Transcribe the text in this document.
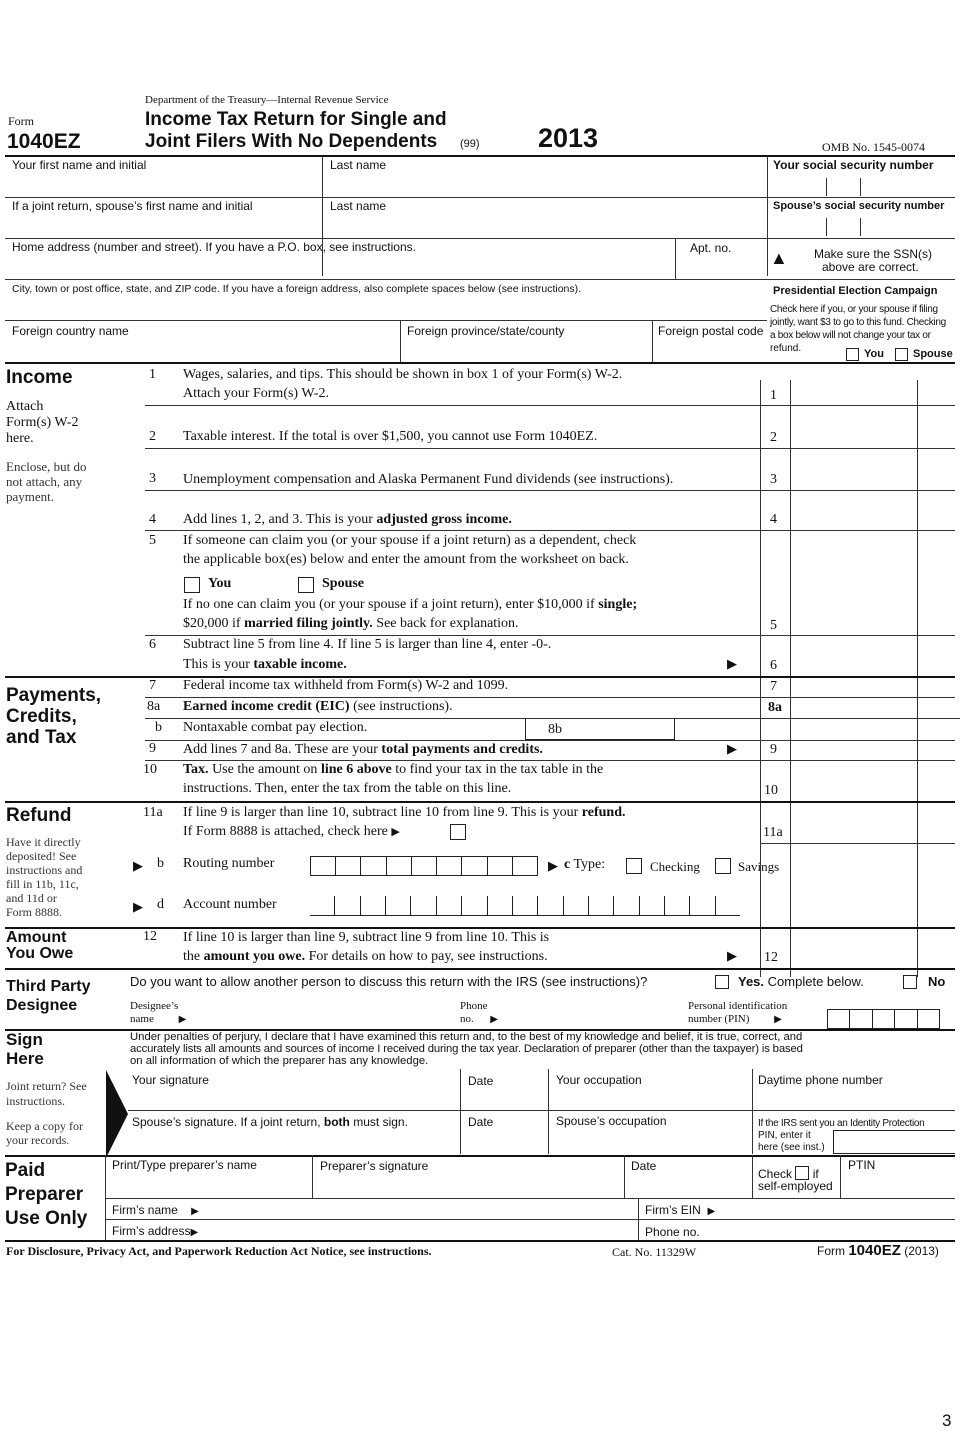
Department of the Treasury—Internal Revenue Service
Form
1040EZ
Income Tax Return for Single and
Joint Filers With No Dependents (99) 2013	OMB No. 1545-0074
Your first name and initial	Last name	Your social security number
If a joint return, spouse’s first name and initial	Last name	Spouse’s social security number
Home address (number and street). If you have a P.O. box, see instructions.	Apt. no. ▲ Make sure the SSN(s)
above are correct.
City, town or post office, state, and ZIP code. If you have a foreign address, also complete spaces below (see instructions).
Foreign country name	Foreign province/state/county	Foreign postal code
Presidential Election Campaign
Check here if you, or your spouse if filing
jointly, want $3 to go to this fund. Checking
a box below will not change your tax or
refund.	You	Spouse
Income
Attach
Form(s) W-2
here.
Enclose, but do
not attach, any
payment.
1 Wages, salaries, and tips. This should be shown in box 1 of your Form(s) W-2.
Attach your Form(s) W-2.	1
2 Taxable interest. If the total is over $1,500, you cannot use Form 1040EZ.	2
3 Unemployment compensation and Alaska Permanent Fund dividends (see instructions).	3
4 Add lines 1, 2, and 3. This is your adjusted gross income.	4
5 If someone can claim you (or your spouse if a joint return) as a dependent, check
the applicable box(es) below and enter the amount from the worksheet on back.
You	Spouse
If no one can claim you (or your spouse if a joint return), enter $10,000 if single;
$20,000 if married filing jointly. See back for explanation.	5
6 Subtract line 5 from line 4. If line 5 is larger than line 4, enter -0-.
This is your taxable income.	▶ 6
Payments,
Credits,
and Tax
7 Federal income tax withheld from Form(s) W-2 and 1099.	7
8a Earned income credit (EIC) (see instructions).	8a
b Nontaxable combat pay election.	8b
9 Add lines 7 and 8a. These are your total payments and credits.	▶ 9
10 Tax. Use the amount on line 6 above to find your tax in the tax table in the
instructions. Then, enter the tax from the table on this line.	10
Refund
Have it directly
deposited! See
instructions and
fill in 11b, 11c,
and 11d or
Form 8888.
11a If line 9 is larger than line 10, subtract line 10 from line 9. This is your refund.
If Form 8888 is attached, check here ▶	11a
▶ b Routing number	▶ c Type:	Checking	Savings
▶ d Account number
Amount
You Owe
12 If line 10 is larger than line 9, subtract line 9 from line 10. This is
the amount you owe. For details on how to pay, see instructions.	▶ 12
Third Party
Designee
Do you want to allow another person to discuss this return with the IRS (see instructions)?	Yes. Complete below.	No
Designee’s
name ▶
Phone
no. ▶
Personal identification
number (PIN) ▶
Sign
Here
Joint return? See
instructions.
Keep a copy for
your records.
Under penalties of perjury, I declare that I have examined this return and, to the best of my knowledge and belief, it is true, correct, and
accurately lists all amounts and sources of income I received during the tax year. Declaration of preparer (other than the taxpayer) is based
on all information of which the preparer has any knowledge.
Your signature	Date	Your occupation	Daytime phone number
Spouse’s signature. If a joint return, both must sign.	Date	Spouse’s occupation	If the IRS sent you an Identity Protection
PIN, enter it
here (see inst.)
Paid
Preparer
Use Only
Print/Type preparer’s name	Preparer’s signature	Date
Check if
self-employed
PTIN
Firm’s name ▶	Firm’s EIN ▶
Firm’s address▶	Phone no.
For Disclosure, Privacy Act, and Paperwork Reduction Act Notice, see instructions.	Cat. No. 11329W	Form 1040EZ (2013)
3
